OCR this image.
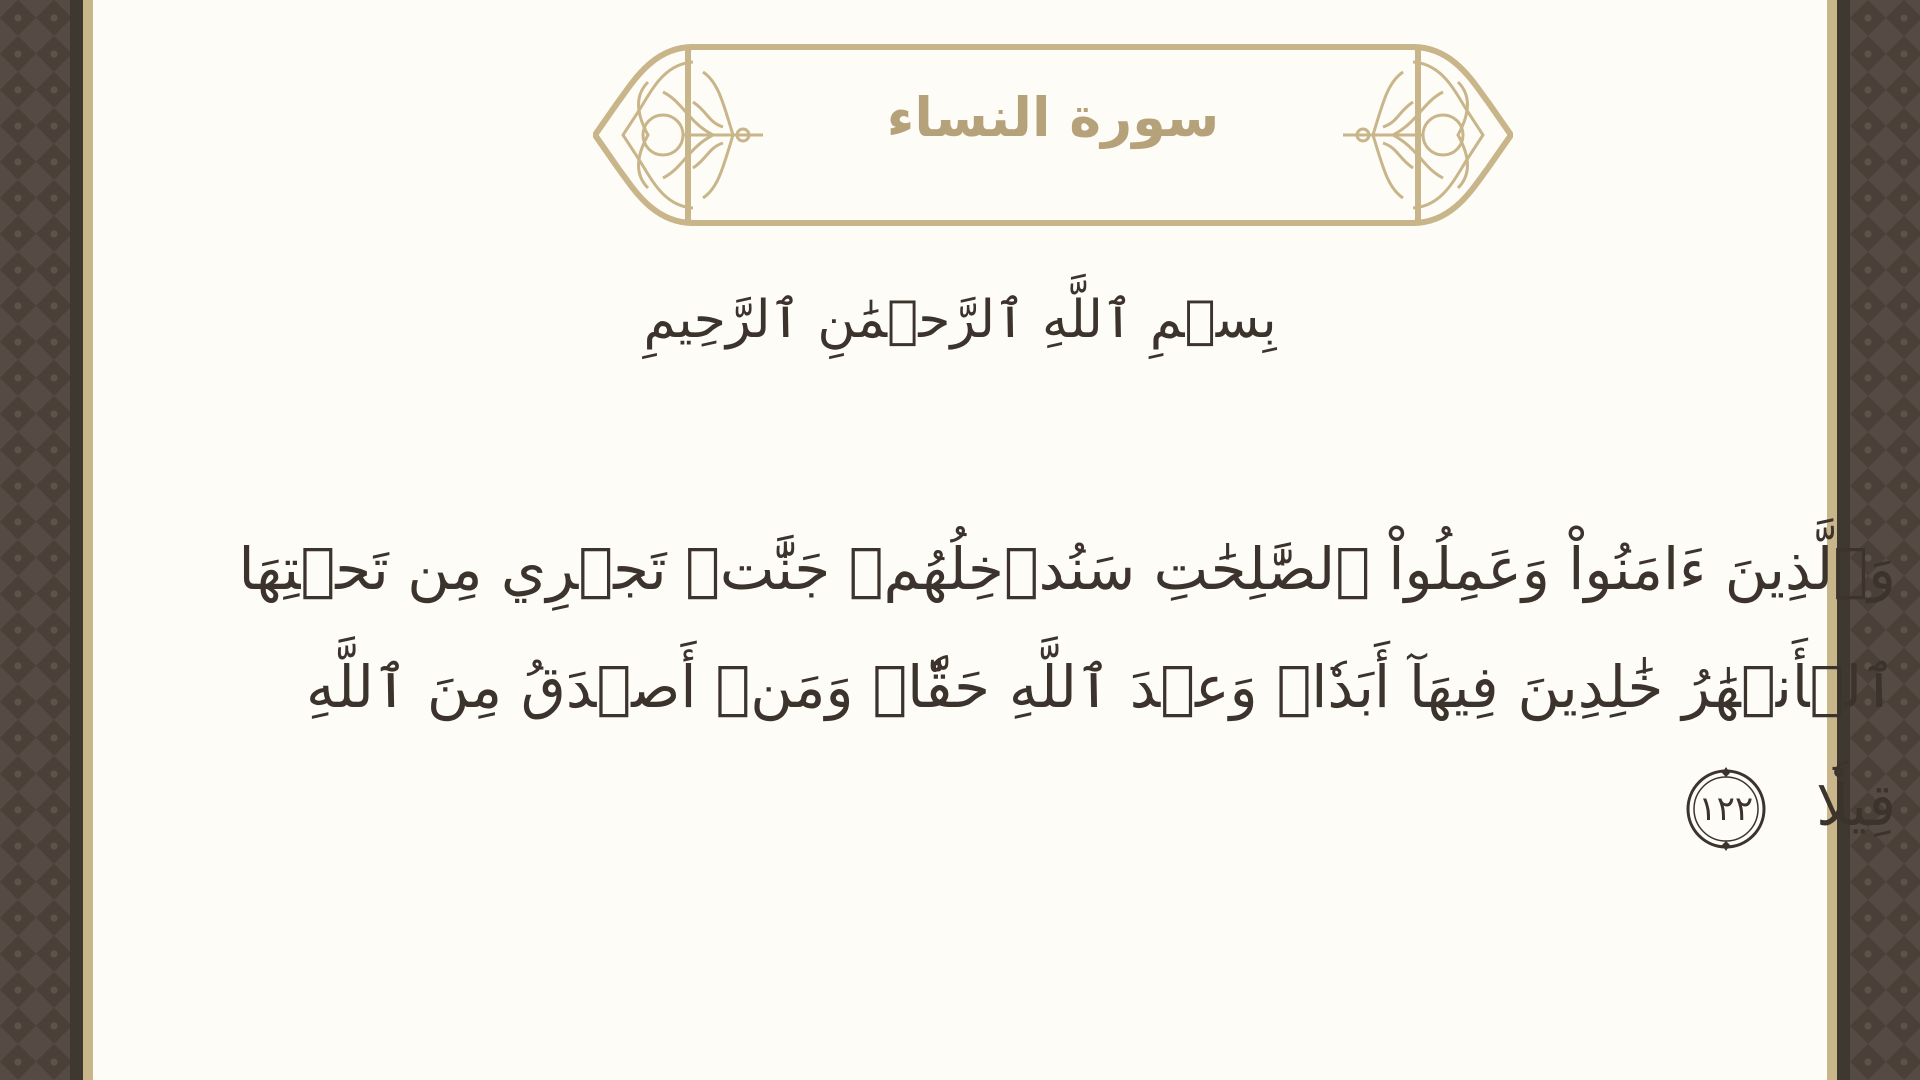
سورة النساء
بِسۡمِ ٱللَّهِ ٱلرَّحۡمَٰنِ ٱلرَّحِيمِ
وَٱلَّذِينَ ءَامَنُواْ وَعَمِلُواْ ٱلصَّٰلِحَٰتِ سَنُدۡخِلُهُمۡ جَنَّٰتٖ تَجۡرِي مِن تَحۡتِهَا
ٱلۡأَنۡهَٰرُ خَٰلِدِينَ فِيهَآ أَبَدٗاۖ وَعۡدَ ٱللَّهِ حَقّٗاۚ وَمَنۡ أَصۡدَقُ مِنَ ٱللَّهِ
قِيلٗا
١٢٢
